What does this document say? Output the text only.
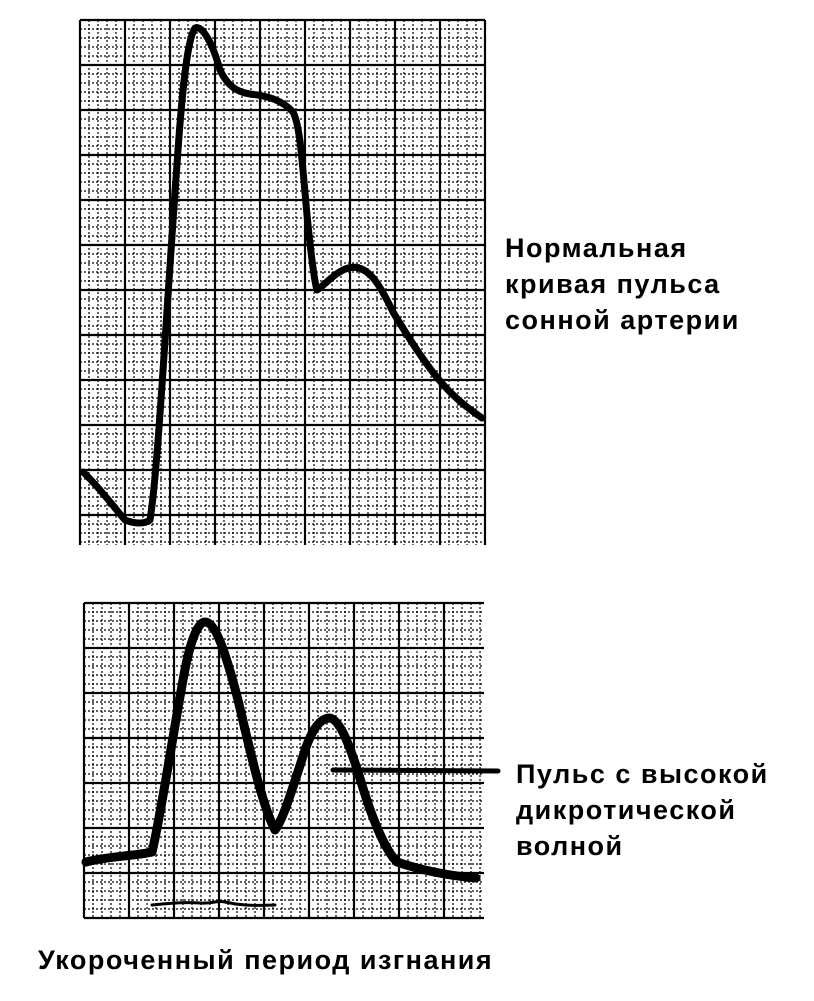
Нормальная
кривая пульса
сонной артерии
Пульс с высокой
дикротической
волной
Укороченный период изгнания
